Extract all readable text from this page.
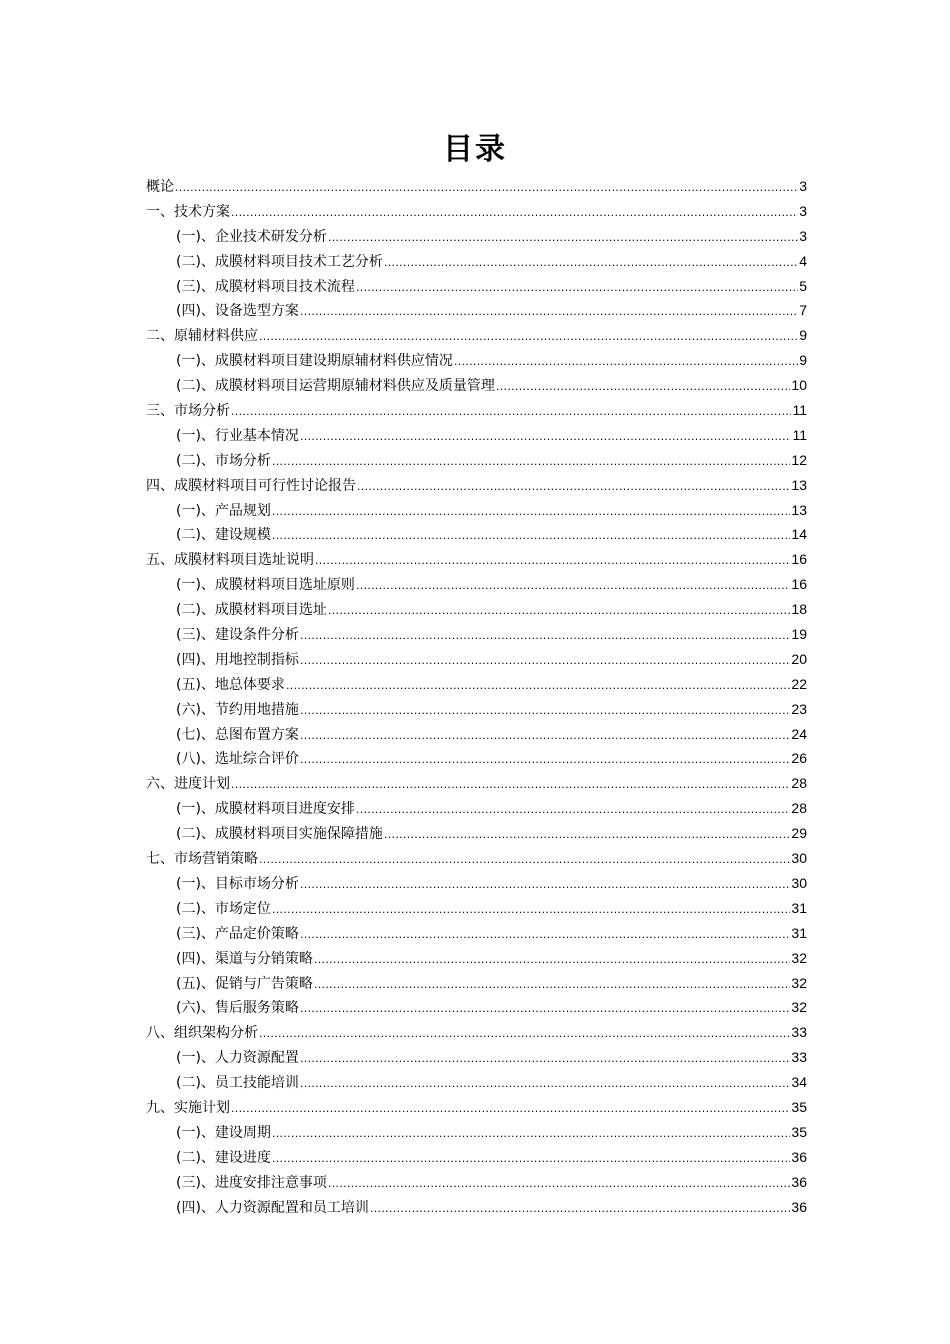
目录
概论 .....	3
一、技术方案 .....	3
(一)、企业技术研发分析 .....	3
(二)、成膜材料项目技术工艺分析 .....	4
(三)、成膜材料项目技术流程 .....	5
(四)、设备选型方案 .....	7
二、原辅材料供应 .....	9
(一)、成膜材料项目建设期原辅材料供应情况 .....	9
(二)、成膜材料项目运营期原辅材料供应及质量管理 .....	10
三、市场分析 .....	11
(一)、行业基本情况 .....	11
(二)、市场分析 .....	12
四、成膜材料项目可行性讨论报告 .....	13
(一)、产品规划 .....	13
(二)、建设规模 .....	14
五、成膜材料项目选址说明 .....	16
(一)、成膜材料项目选址原则 .....	16
(二)、成膜材料项目选址 .....	18
(三)、建设条件分析 .....	19
(四)、用地控制指标 .....	20
(五)、地总体要求 .....	22
(六)、节约用地措施 .....	23
(七)、总图布置方案 .....	24
(八)、选址综合评价 .....	26
六、进度计划 .....	28
(一)、成膜材料项目进度安排 .....	28
(二)、成膜材料项目实施保障措施 .....	29
七、市场营销策略 .....	30
(一)、目标市场分析 .....	30
(二)、市场定位 .....	31
(三)、产品定价策略 .....	31
(四)、渠道与分销策略 .....	32
(五)、促销与广告策略 .....	32
(六)、售后服务策略 .....	32
八、组织架构分析 .....	33
(一)、人力资源配置 .....	33
(二)、员工技能培训 .....	34
九、实施计划 .....	35
(一)、建设周期 .....	35
(二)、建设进度 .....	36
(三)、进度安排注意事项 .....	36
(四)、人力资源配置和员工培训 .....	36
